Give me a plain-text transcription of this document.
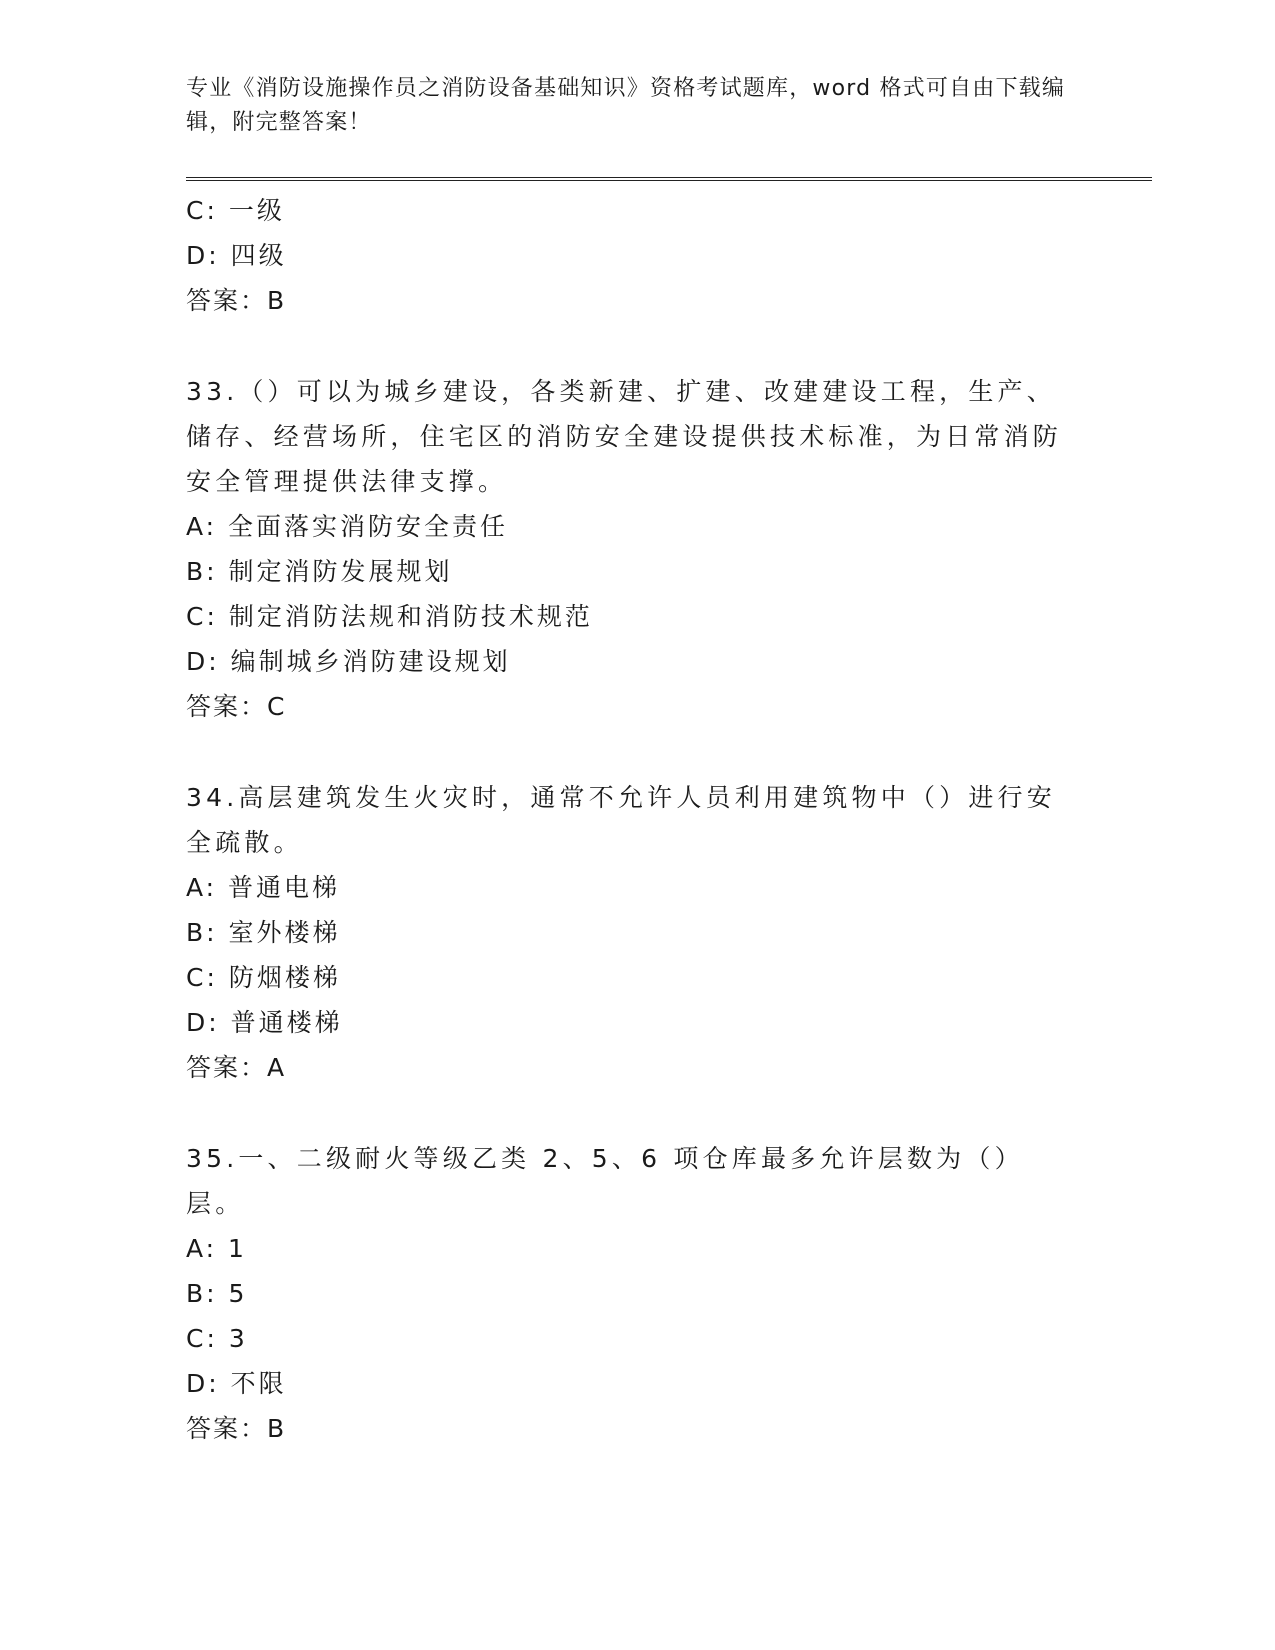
专业《消防设施操作员之消防设备基础知识》资格考试题库，word 格式可自由下载编辑，附完整答案！
C: 一级
D: 四级
答案：B
33.（）可以为城乡建设，各类新建、扩建、改建建设工程，生产、储存、经营场所，住宅区的消防安全建设提供技术标准，为日常消防安全管理提供法律支撑。
A: 全面落实消防安全责任
B: 制定消防发展规划
C: 制定消防法规和消防技术规范
D: 编制城乡消防建设规划
答案：C
34.高层建筑发生火灾时，通常不允许人员利用建筑物中（）进行安全疏散。
A: 普通电梯
B: 室外楼梯
C: 防烟楼梯
D: 普通楼梯
答案：A
35.一、二级耐火等级乙类 2、5、6 项仓库最多允许层数为（）层。
A: 1
B: 5
C: 3
D: 不限
答案：B
